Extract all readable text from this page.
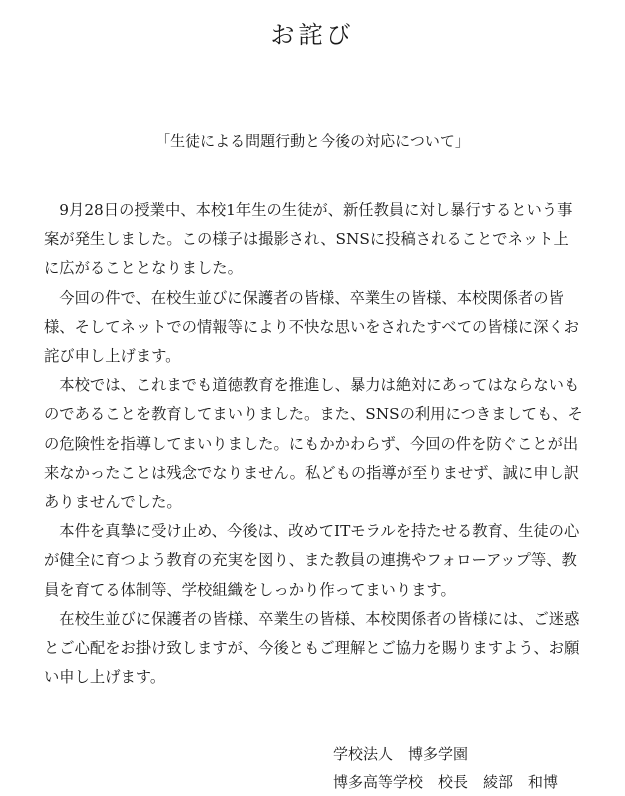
お詫び
「生徒による問題行動と今後の対応について」

9月28日の授業中、本校1年生の生徒が、新任教員に対し暴行するという事案が発生しました。この様子は撮影され、SNSに投稿されることでネット上に広がることとなりました。

今回の件で、在校生並びに保護者の皆様、卒業生の皆様、本校関係者の皆様、そしてネットでの情報等により不快な思いをされたすべての皆様に深くお詫び申し上げます。

本校では、これまでも道徳教育を推進し、暴力は絶対にあってはならないものであることを教育してまいりました。また、SNSの利用につきましても、その危険性を指導してまいりました。にもかかわらず、今回の件を防ぐことが出来なかったことは残念でなりません。私どもの指導が至りませず、誠に申し訳ありませんでした。

本件を真摯に受け止め、今後は、改めてITモラルを持たせる教育、生徒の心が健全に育つよう教育の充実を図り、また教員の連携やフォローアップ等、教員を育てる体制等、学校組織をしっかり作ってまいります。

在校生並びに保護者の皆様、卒業生の皆様、本校関係者の皆様には、ご迷惑とご心配をお掛け致しますが、今後ともご理解とご協力を賜りますよう、お願い申し上げます。

学校法人　博多学園
博多高等学校　校長　綾部　和博
